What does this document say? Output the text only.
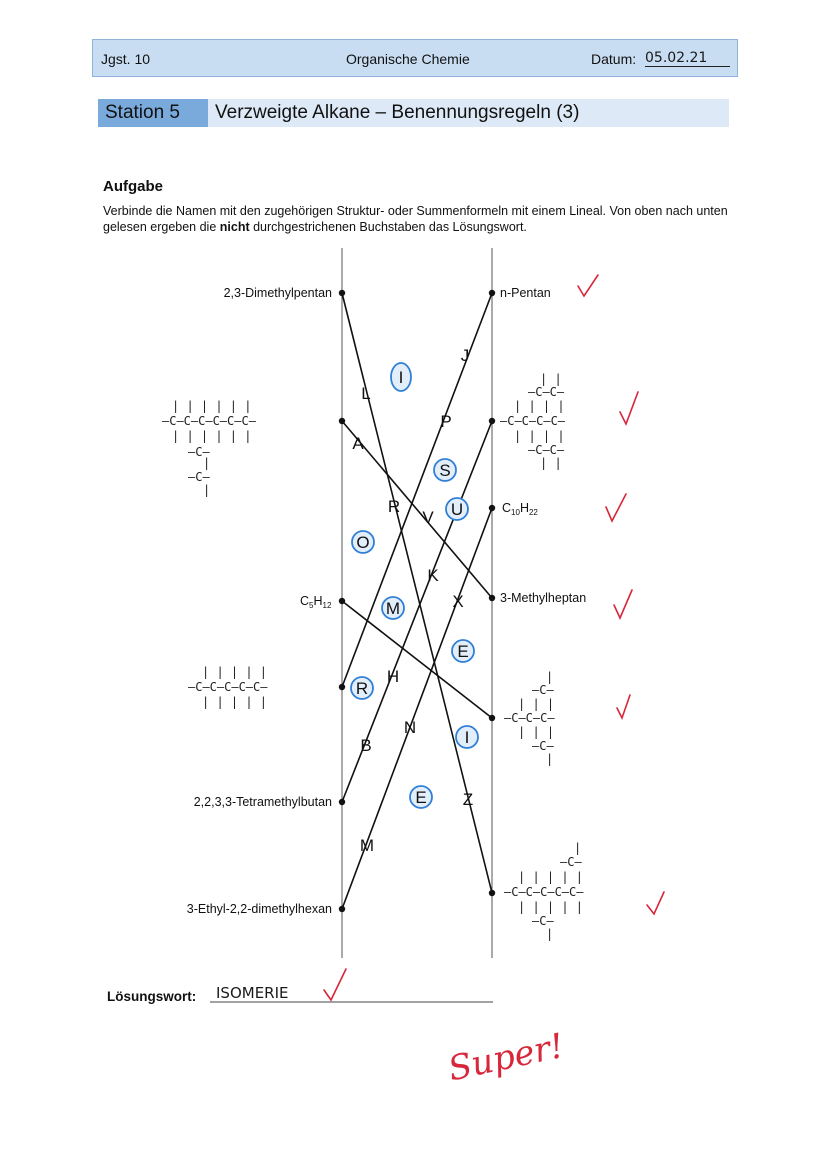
Jgst. 10	Organische Chemie	Datum: 05.02.21
Station 5	Verzweigte Alkane – Benennungsregeln (3)
Aufgabe
Verbinde die Namen mit den zugehörigen Struktur- oder Summenformeln mit einem Lineal. Von oben nach unten gelesen ergeben die nicht durchgestrichenen Buchstaben das Lösungswort.
2,3-Dimethylpentan
$C_5H_{12}$
2,2,3,3-Tetramethylbutan
3-Ethyl-2,2-dimethylhexan
n-Pentan
$C_{10}H_{22}$
3-Methylheptan
| | | | | |
—C—C—C—C—C—C—
| | | | | |
—C—
|
—C—
|
| | | | |
—C—C—C—C—C—
| | | | |
| |
—C—C—
| | | |
—C—C—C—C—
| | | |
—C—C—
| |
|
—C—
| | |
—C—C—C—
| | |
—C—
|
|
—C—
| | | | |
—C—C—C—C—C—
| | | | |
—C—
|
L
I
J
A
P
S
R
V U
O
K
M	X
E
R
H
N
I
B
E Z
M
Super!
Lösungswort: ISOMERIE
